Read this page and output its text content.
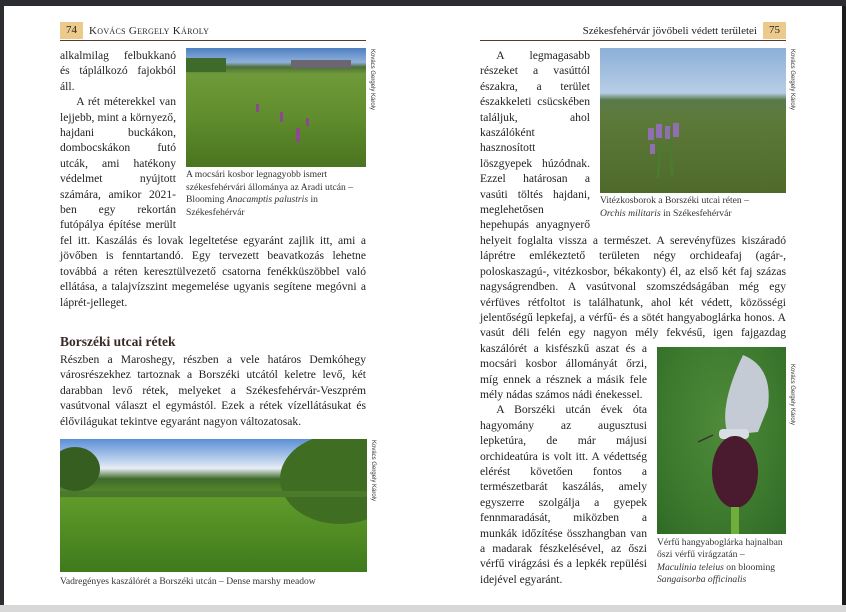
74	Kovács Gergely Károly
Kovács Gergely Károly
A mocsári kosbor legnagyobb ismert székesfehérvári állománya az Aradi utcán –
Blooming Anacamptis palustris in Székesfehérvár

alkalmilag felbukkanó és táplálkozó fajokból áll.

A rét méterekkel van lejjebb, mint a környező, hajdani buckákon, dombocskákon futó utcák, ami hatékony védelmet nyújtott számára, amikor 2021-ben egy rekortán futópálya építése merült fel itt. Kaszálás és lovak legeltetése egyaránt zajlik itt, ami a jövőben is fenntartandó. Egy tervezett beavatkozás lehetne továbbá a réten keresztülvezető csatorna fenékküszöbbel való ellátása, a talajvízszint megemelése ugyanis segítene megóvni a láprét-jelleget.

Borszéki utcai rétek

Részben a Maroshegy, részben a vele határos Demkóhegy városrészekhez tartoznak a Borszéki utcától keletre levő, két darabban levő rétek, melyeket a Székesfehérvár-Veszprém vasútvonal választ el egymástól. Ezek a rétek vízellátásukat és élővilágukat tekintve egyaránt nagyon változatosak.

Kovács Gergely Károly
Vadregényes kaszálórét a Borszéki utcán – Dense marshy meadow
Székesfehérvár jövőbeli védett területei	75
Kovács Gergely Károly
Vitézkosborok a Borszéki utcai réten –
Orchis militaris in Székesfehérvár

A legmagasabb részeket a vasúttól északra, a terület északkeleti csücskében találjuk, ahol kaszálóként hasznosított löszgyepek húzódnak. Ezzel határosan a vasúti töltés hajdani, meglehetősen hepehupás anyagnyerő helyeit foglalta vissza a természet. A serevényfüzes kiszáradó láprétre emlékeztető területen négy orchideafaj (agár-, poloskaszagú-, vitézkosbor, békakonty) él, az első két faj százas nagyságrendben. A vasútvonal szomszédságában még egy vérfüves rétfoltot is találhatunk, ahol két védett, közösségi jelentőségű lepkefaj, a vérfű- és a sötét hangyaboglárka honos. A vasút déli felén egy nagyon mély fekvésű, igen
Kovács Gergely Károly
Vérfű hangyaboglárka hajnalban őszi vérfű virágzatán –
Maculinia teleius on blooming
Sangaisorba officinalis
fajgazdag kaszálórét a kisfészkű aszat és a mocsári kosbor állományát őrzi, míg ennek a résznek a másik fele mély nádas számos nádi énekessel.

A Borszéki utcán évek óta hagyomány az augusztusi lepketúra, de már májusi orchideatúra is volt itt. A védettség elérést követően fontos a természetbarát kaszálás, amely egyszerre szolgálja a gyepek fennmaradását, miközben a munkák időzítése összhangban van a madarak fészkelésével, az őszi vérfű virágzási és a lepkék repülési idejével egyaránt.
